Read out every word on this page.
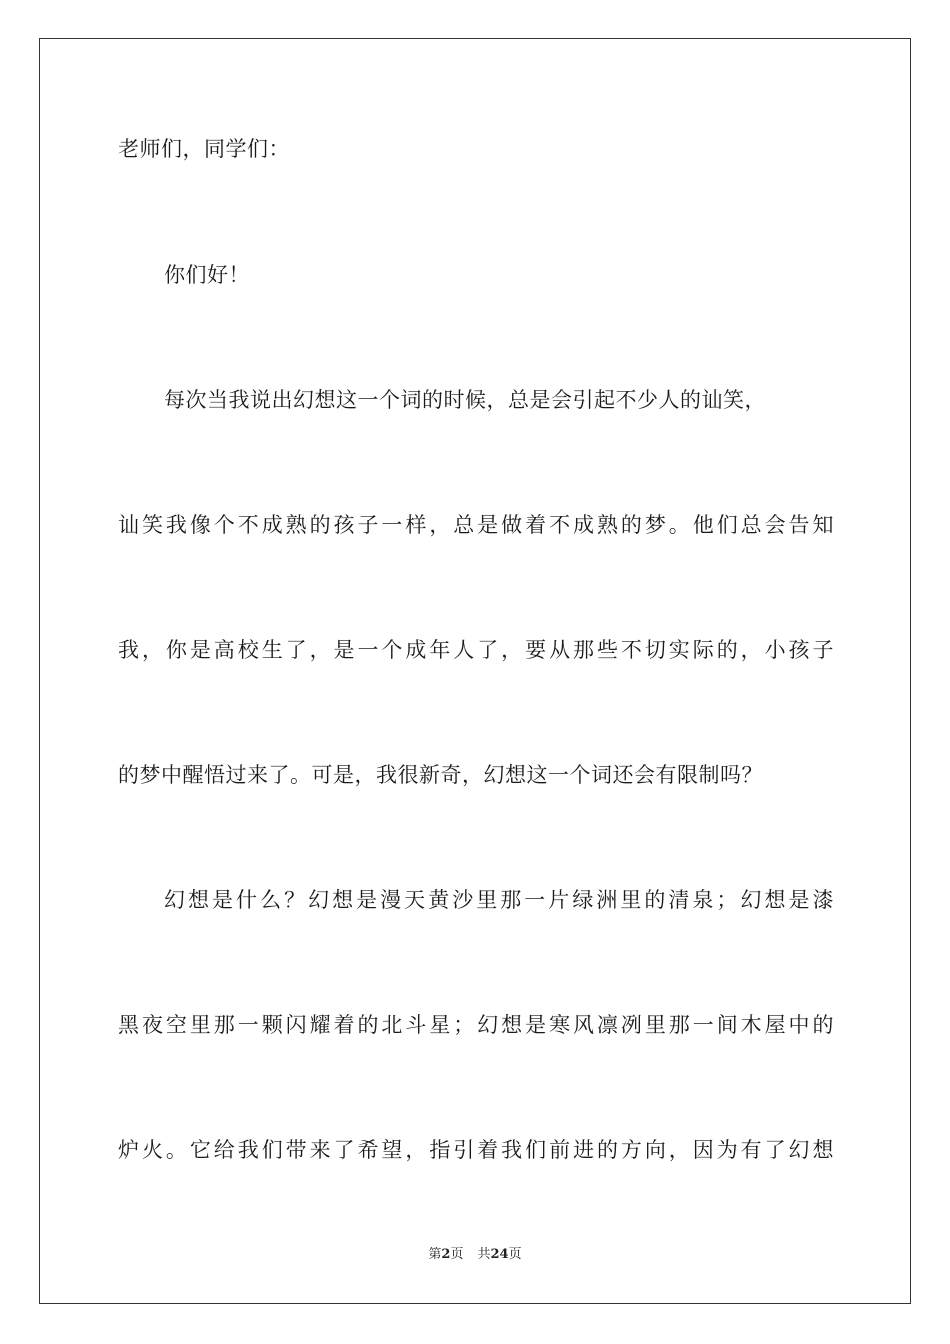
老师们，同学们：
你们好！
每次当我说出幻想这一个词的时候，总是会引起不少人的讪笑，
讪笑我像个不成熟的孩子一样，总是做着不成熟的梦。他们总会告知
我，你是高校生了，是一个成年人了，要从那些不切实际的，小孩子
的梦中醒悟过来了。可是，我很新奇，幻想这一个词还会有限制吗？
幻想是什么？幻想是漫天黄沙里那一片绿洲里的清泉；幻想是漆
黑夜空里那一颗闪耀着的北斗星；幻想是寒风凛冽里那一间木屋中的
炉火。它给我们带来了希望，指引着我们前进的方向，因为有了幻想
第2页 共24页
